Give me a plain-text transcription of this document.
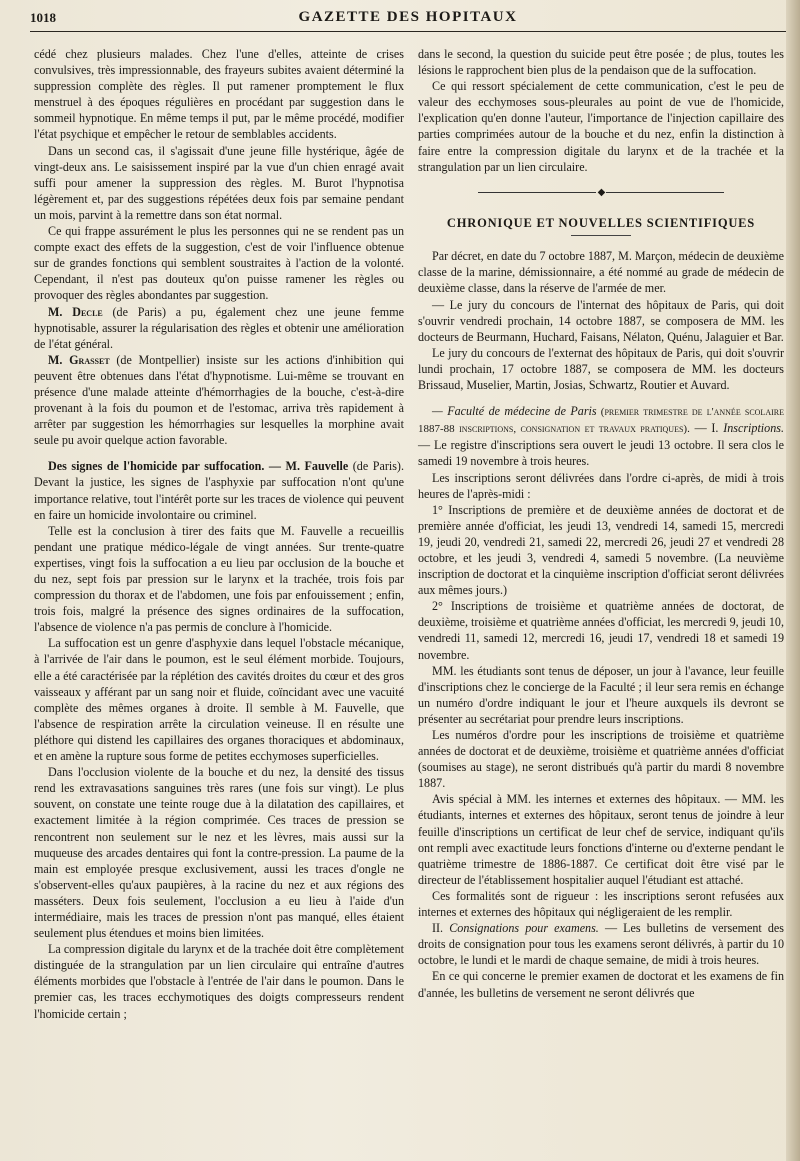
1018	GAZETTE DES HOPITAUX

cédé chez plusieurs malades. Chez l'une d'elles, atteinte de crises convulsives, très impressionnable, des frayeurs subites avaient déterminé la suppression complète des règles. Il put ramener promptement le flux menstruel à des époques régulières en procédant par suggestion dans le sommeil hypnotique. En même temps il put, par le même procédé, modifier l'état psychique et empêcher le retour de semblables accidents.

Dans un second cas, il s'agissait d'une jeune fille hystérique, âgée de vingt-deux ans. Le saisissement inspiré par la vue d'un chien enragé avait suffi pour amener la suppression des règles. M. Burot l'hypnotisa légèrement et, par des suggestions répétées deux fois par semaine pendant un mois, parvint à la remettre dans son état normal.

Ce qui frappe assurément le plus les personnes qui ne se rendent pas un compte exact des effets de la suggestion, c'est de voir l'influence obtenue sur de grandes fonctions qui semblent soustraites à l'action de la volonté. Cependant, il n'est pas douteux qu'on puisse ramener les règles ou provoquer des règles abondantes par suggestion.

M. Decle (de Paris) a pu, également chez une jeune femme hypnotisable, assurer la régularisation des règles et obtenir une amélioration de l'état général.

M. Grasset (de Montpellier) insiste sur les actions d'inhibition qui peuvent être obtenues dans l'état d'hypnotisme. Lui-même se trouvant en présence d'une malade atteinte d'hémorrhagies de la bouche, c'est-à-dire provenant à la fois du poumon et de l'estomac, arriva très rapidement à arrêter par suggestion les hémorrhagies sur lesquelles la morphine avait seule pu avoir quelque action favorable.

Des signes de l'homicide par suffocation. — M. Fauvelle (de Paris). Devant la justice, les signes de l'asphyxie par suffocation n'ont qu'une importance relative, tout l'intérêt porte sur les traces de violence qui peuvent en faire un homicide involontaire ou criminel.

Telle est la conclusion à tirer des faits que M. Fauvelle a recueillis pendant une pratique médico-légale de vingt années. Sur trente-quatre expertises, vingt fois la suffocation a eu lieu par occlusion de la bouche et du nez, sept fois par pression sur le larynx et la trachée, trois fois par compression du thorax et de l'abdomen, une fois par enfouissement ; enfin, trois fois, malgré la présence des signes ordinaires de la suffocation, l'absence de violence n'a pas permis de conclure à l'homicide.

La suffocation est un genre d'asphyxie dans lequel l'obstacle mécanique, à l'arrivée de l'air dans le poumon, est le seul élément morbide. Toujours, elle a été caractérisée par la réplétion des cavités droites du cœur et des gros vaisseaux y afférant par un sang noir et fluide, coïncidant avec une vacuité complète des mêmes organes à droite. Il semble à M. Fauvelle, que l'absence de respiration arrête la circulation veineuse. Il en résulte une pléthore qui distend les capillaires des organes thoraciques et abdominaux, et en amène la rupture sous forme de petites ecchymoses superficielles.

Dans l'occlusion violente de la bouche et du nez, la densité des tissus rend les extravasations sanguines très rares (une fois sur vingt). Le plus souvent, on constate une teinte rouge due à la dilatation des capillaires, et exactement limitée à la région comprimée. Ces traces de pression se rencontrent non seulement sur le nez et les lèvres, mais aussi sur la muqueuse des arcades dentaires qui font la contre-pression. La paume de la main est employée presque exclusivement, aussi les traces d'ongle ne s'observent-elles qu'aux paupières, à la racine du nez et aux régions des masséters. Deux fois seulement, l'occlusion a eu lieu à l'aide d'un intermédiaire, mais les traces de pression n'ont pas manqué, elles étaient seulement plus étendues et moins bien limitées.

La compression digitale du larynx et de la trachée doit être complètement distinguée de la strangulation par un lien circulaire qui entraîne d'autres éléments morbides que l'obstacle à l'entrée de l'air dans le poumon. Dans le premier cas, les traces ecchymotiques des doigts compresseurs rendent l'homicide certain ;

dans le second, la question du suicide peut être posée ; de plus, toutes les lésions le rapprochent bien plus de la pendaison que de la suffocation.

Ce qui ressort spécialement de cette communication, c'est le peu de valeur des ecchymoses sous-pleurales au point de vue de l'homicide, l'explication qu'en donne l'auteur, l'importance de l'injection capillaire des parties comprimées autour de la bouche et du nez, enfin la distinction à faire entre la compression digitale du larynx et de la trachée et la strangulation par un lien circulaire.

◆
CHRONIQUE ET NOUVELLES SCIENTIFIQUES

Par décret, en date du 7 octobre 1887, M. Marçon, médecin de deuxième classe de la marine, démissionnaire, a été nommé au grade de médecin de deuxième classe, dans la réserve de l'armée de mer.

— Le jury du concours de l'internat des hôpitaux de Paris, qui doit s'ouvrir vendredi prochain, 14 octobre 1887, se composera de MM. les docteurs de Beurmann, Huchard, Faisans, Nélaton, Quénu, Jalaguier et Bar.

Le jury du concours de l'externat des hôpitaux de Paris, qui doit s'ouvrir lundi prochain, 17 octobre 1887, se composera de MM. les docteurs Brissaud, Muselier, Martin, Josias, Schwartz, Routier et Auvard.

— Faculté de médecine de Paris (premier trimestre de l'année scolaire 1887-88 inscriptions, consignation et travaux pratiques). — I. Inscriptions. — Le registre d'inscriptions sera ouvert le jeudi 13 octobre. Il sera clos le samedi 19 novembre à trois heures.

Les inscriptions seront délivrées dans l'ordre ci-après, de midi à trois heures de l'après-midi :

1° Inscriptions de première et de deuxième années de doctorat et de première année d'officiat, les jeudi 13, vendredi 14, samedi 15, mercredi 19, jeudi 20, vendredi 21, samedi 22, mercredi 26, jeudi 27 et vendredi 28 octobre, et les jeudi 3, vendredi 4, samedi 5 novembre. (La neuvième inscription de doctorat et la cinquième inscription d'officiat seront délivrées aux mêmes jours.)

2° Inscriptions de troisième et quatrième années de doctorat, de deuxième, troisième et quatrième années d'officiat, les mercredi 9, jeudi 10, vendredi 11, samedi 12, mercredi 16, jeudi 17, vendredi 18 et samedi 19 novembre.

MM. les étudiants sont tenus de déposer, un jour à l'avance, leur feuille d'inscriptions chez le concierge de la Faculté ; il leur sera remis en échange un numéro d'ordre indiquant le jour et l'heure auxquels ils devront se présenter au secrétariat pour prendre leurs inscriptions.

Les numéros d'ordre pour les inscriptions de troisième et quatrième années de doctorat et de deuxième, troisième et quatrième années d'officiat (soumises au stage), ne seront distribués qu'à partir du mardi 8 novembre 1887.

Avis spécial à MM. les internes et externes des hôpitaux. — MM. les étudiants, internes et externes des hôpitaux, seront tenus de joindre à leur feuille d'inscriptions un certificat de leur chef de service, indiquant qu'ils ont rempli avec exactitude leurs fonctions d'interne ou d'externe pendant le quatrième trimestre de 1886-1887. Ce certificat doit être visé par le directeur de l'établissement hospitalier auquel l'étudiant est attaché.

Ces formalités sont de rigueur : les inscriptions seront refusées aux internes et externes des hôpitaux qui négligeraient de les remplir.

II. Consignations pour examens. — Les bulletins de versement des droits de consignation pour tous les examens seront délivrés, à partir du 10 octobre, le lundi et le mardi de chaque semaine, de midi à trois heures.

En ce qui concerne le premier examen de doctorat et les examens de fin d'année, les bulletins de versement ne seront délivrés que
